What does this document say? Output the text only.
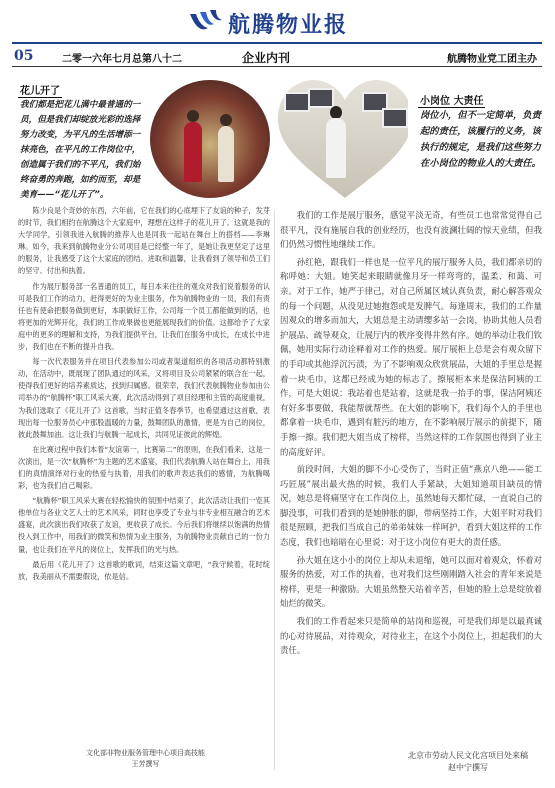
航腾物业报
05	二零一六年七月总第八十二	企业内刊	航腾物业党工团主办
花儿开了
我们都是把花儿满中最普通的一员，但是我们却绽放光彩的选择努力改变，为平凡的生活增添一抹亮色，在平凡的工作岗位中，创造属于我们的不平凡，我们始终奋勇的奔跑，如约而至，却是美育——“花儿开了”。
小岗位 大责任
岗位小，但不一定简单，负责起的责任，该履行的义务，该执行的规定，是我们这些努力在小岗位的物业人的大责任。

陈少良是个奇妙的东西，六年前，它在我们的心底埋下了友谊的种子，发芽的时节，我们相约在航腾这个大家庭中，理想在这样子的花儿开了。这就是我的大学同学，引领我进入航腾的推荐人也是同我一起站在舞台上的搭档——李琳琳。如今，我来到航腾物业分公司项目是已经整一年了，是她让我更坚定了这里的服务，让我感受了这个大家庭的团结、进取和温馨，让我看到了领导和员工们的坚守、付出和执着。

作为展厅服务部一名普通的员工，每日本来往往的观众对我们说着服务的认可是我们工作的动力，赶得更好的为业主服务，作为航腾物业的一员，我们有责任也有使命把服务做到更好，本职做好工作，公司每一个员工都能做到的话，也将更加的光辉开化，我们的工作成果做也更能展现我们的价值。这都给予了大家庭中的更多的理解和支持，为我们提供平台，让我们在服务中成长，在成长中进步，我们也在不断的提升自我。

每一次代表服务并在项目代表参加公司或者渠道组织的各项活动都特别激动，在活动中，既展现了团队通过的风采，又将项目及公司紧紧的联合在一起，使得我们更好的培养素质达，找到归属感。很荣幸，我们代表航腾物业参加由公司举办的“航腾杯”职工风采大赛，此次活动得到了项目经理和主管的高度重视，为我们选取了《花儿开了》这首歌，当时正值冬春季节，也希望通过这首歌，表现出每一位服务员心中那股温暖的力量，鼓舞团队的激情，更是为自己的岗位，彼此鼓舞加油。这让我们与航腾一起成长，共同见证彼此的辉煌。

在比赛过程中我们本着“友谊第一，比赛第二”的原则，在我们看来，这是一次演出，是一次“航腾杯”为主题的艺术盛宴，我们代表航腾人站在舞台上，用我们的真情演绎对行业的热爱与执着，用我们的歌声表达我们的感情，为航腾喝彩，也为我们自己喝彩。

“航腾杯”职工风采大赛在轻松愉快的氛围中结束了，此次活动让我们一览其他单位与各业文艺人士的艺术风采，同时也享受了专业与非专业相互融合的艺术盛宴，此次演出我们收获了友谊，更收获了成长。今后我们将继续以饱满的热情投入到工作中，用我们的微笑和热情为业主服务，为航腾物业贡献自己的一份力量，也让我们在平凡的岗位上，发挥我们的光与热。

最后用《花儿开了》这首歌的歌词，结束这篇文章吧，“我守候着，花时绽放，我美丽从不需要假设，依是信。

文化部非物业服务管理中心项目高技能
王芳撰写

我们的工作是展厅服务，感觉平淡无奇，有些员工也常常觉得自己很平凡，没有施展自我的创业经历，也没有波澜壮阔的惊天业绩，但我们仍然习惯性地继续工作。

孙红艳，跟我们一样也是一位平凡的展厅服务人员，我们都亲切的称呼她：大姐。她笑起来眼睛就像月牙一样弯弯的，温柔、和蔼、可亲。对于工作，她严于律己，对自己所属区域认真负责，耐心解答观众的每一个问题，从没见过她抱怨或是发脾气。每逢周末，我们的工作量因观众的增多而加大，大姐总是主动请缨多站一会岗，协助其他人员看护展品、疏导观众，让展厅内的秩序变得井然有序。她的举动让我们钦佩，她用实际行动诠释着对工作的热爱。展厅展柜上总是会有观众留下的手印或其他浮沉污渍，为了不影响观众欣赏展品，大姐的手里总是握着一块毛巾，这都已经成为她的标志了。擦展柜本来是保洁阿姨的工作，可是大姐说：我站着也是站着，这就是我一抬手的事，保洁阿姨还有好多事要做，我能帮就帮些。在大姐的影响下，我们每个人的手里也都拿着一块毛巾，遇到有脏污的地方，在不影响展厅展示的前提下，随手擦一擦。我们把大姐当成了榜样，当然这样的工作氛围也得到了业主的高度好评。

前段时间，大姐的脚不小心受伤了，当时正值“燕京八绝——能工巧匠展”展出最火热的时候，我们人手紧缺，大姐知道项目缺员的情况，她总是将痛坚守在工作岗位上，虽然她每天都忙碌，一直说自己的脚没事，可我们看到的是她肿胀的脚，带病坚持工作，大姐平时对我们很是照顾，把我们当成自己的弟弟妹妹一样呵护，看到大姐这样的工作态度，我们也暗暗在心里说：对于这小岗位有更大的责任感。

孙大姐在这小小的岗位上却从未退缩，她可以面对着观众，怀着对服务的热爱，对工作的执着，也对我们这些刚刚踏入社会的青年来说是榜样，更是一种激励。大姐虽然整天站着辛苦，但她的脸上总是绽放着灿烂的微笑。

我们的工作看起来只是简单的站岗和巡视，可是我们却是以最真诚的心对待展品，对待观众，对待业主，在这个小岗位上，担起我们的大责任。

北京市劳动人民文化宫项目处来稿
赵中宁撰写
